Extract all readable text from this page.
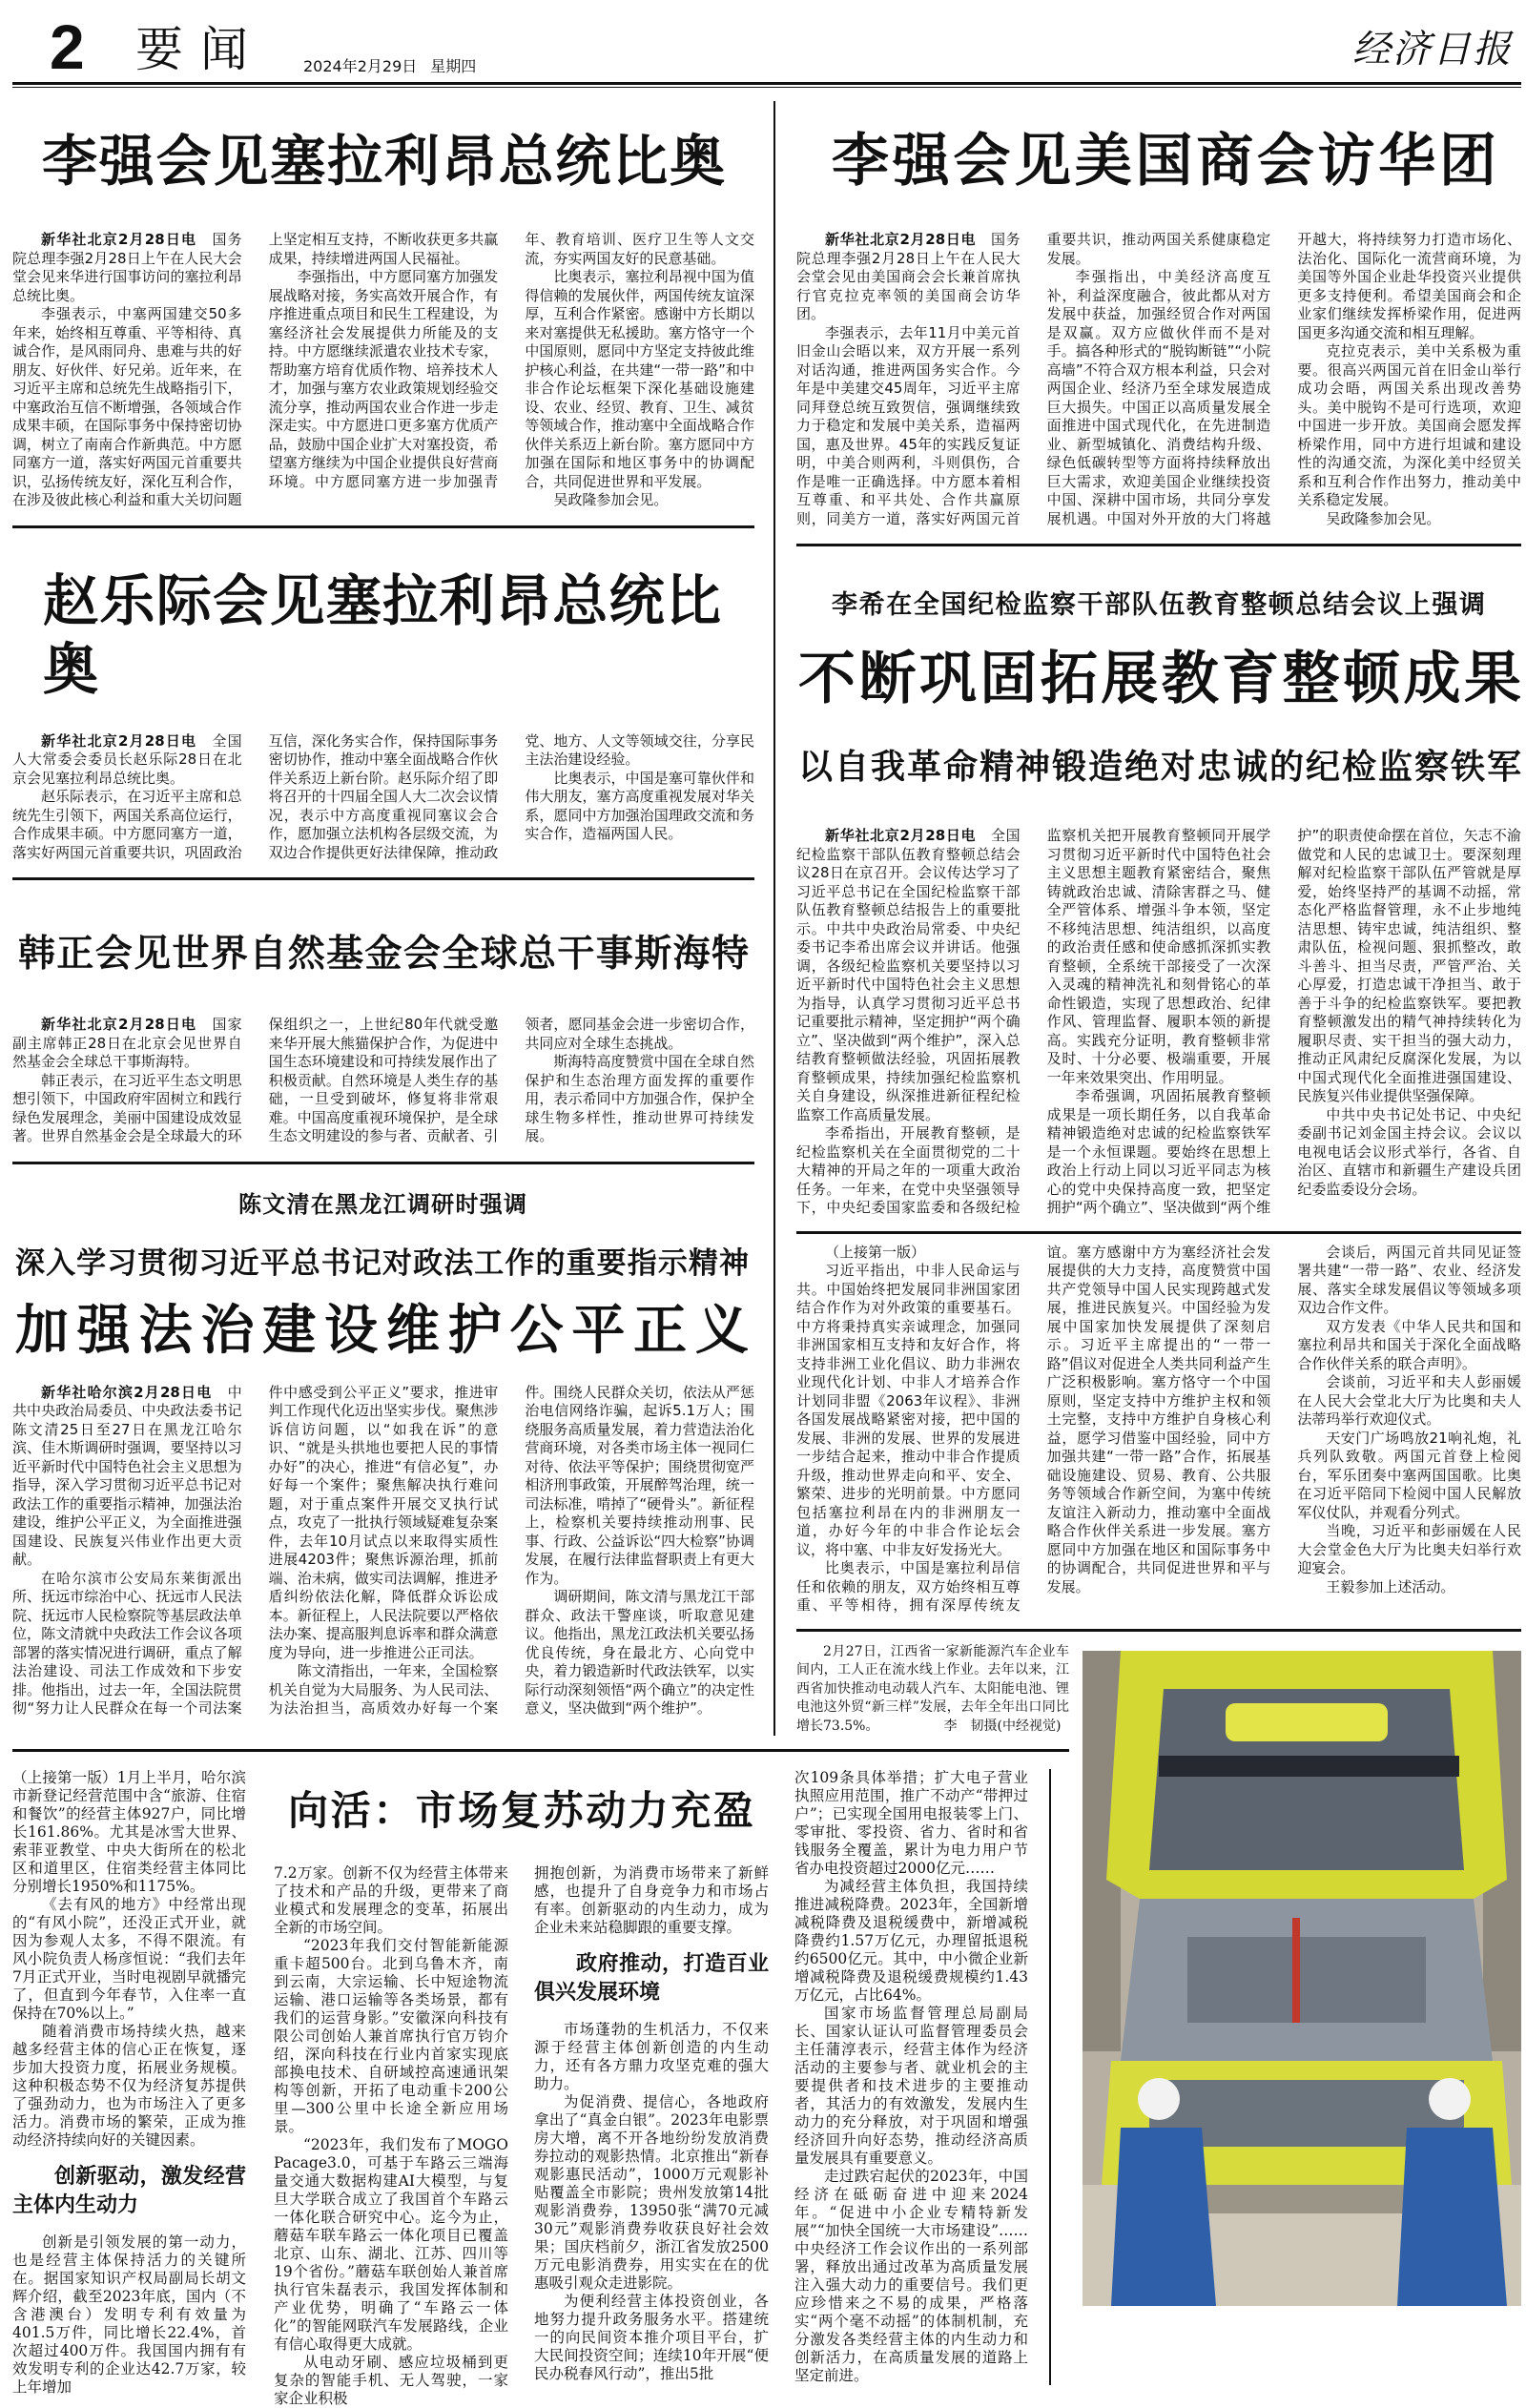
2 要闻	2024年2月29日 星期四	经济日报
李强会见塞拉利昂总统比奥

新华社北京2月28日电　 国务院总理李强2月28日上午在人民大会堂会见来华进行国事访问的塞拉利昂总统比奥。

李强表示，中塞两国建交50多年来，始终相互尊重、平等相待、真诚合作，是风雨同舟、患难与共的好朋友、好伙伴、好兄弟。近年来，在习近平主席和总统先生战略指引下，中塞政治互信不断增强，各领域合作成果丰硕，在国际事务中保持密切协调，树立了南南合作新典范。中方愿同塞方一道，落实好两国元首重要共识，弘扬传统友好，深化互利合作，在涉及彼此核心利益和重大关切问题上坚定相互支持，不断收获更多共赢成果，持续增进两国人民福祉。

李强指出，中方愿同塞方加强发展战略对接，务实高效开展合作，有序推进重点项目和民生工程建设，为塞经济社会发展提供力所能及的支持。中方愿继续派遣农业技术专家，帮助塞方培育优质作物、培养技术人才，加强与塞方农业政策规划经验交流分享，推动两国农业合作进一步走深走实。中方愿进口更多塞方优质产品，鼓励中国企业扩大对塞投资，希望塞方继续为中国企业提供良好营商环境。中方愿同塞方进一步加强青年、教育培训、医疗卫生等人文交流，夯实两国友好的民意基础。

比奥表示，塞拉利昂视中国为值得信赖的发展伙伴，两国传统友谊深厚，互利合作紧密。感谢中方长期以来对塞提供无私援助。塞方恪守一个中国原则，愿同中方坚定支持彼此维护核心利益，在共建“一带一路”和中非合作论坛框架下深化基础设施建设、农业、经贸、教育、卫生、减贫等领域合作，推动塞中全面战略合作伙伴关系迈上新台阶。塞方愿同中方加强在国际和地区事务中的协调配合，共同促进世界和平发展。

吴政隆参加会见。

赵乐际会见塞拉利昂总统比奥

新华社北京2月28日电　 全国人大常委会委员长赵乐际28日在北京会见塞拉利昂总统比奥。

赵乐际表示，在习近平主席和总统先生引领下，两国关系高位运行，合作成果丰硕。中方愿同塞方一道，落实好两国元首重要共识，巩固政治互信，深化务实合作，保持国际事务密切协作，推动中塞全面战略合作伙伴关系迈上新台阶。赵乐际介绍了即将召开的十四届全国人大二次会议情况，表示中方高度重视同塞议会合作，愿加强立法机构各层级交流，为双边合作提供更好法律保障，推动政党、地方、人文等领域交往，分享民主法治建设经验。

比奥表示，中国是塞可靠伙伴和伟大朋友，塞方高度重视发展对华关系，愿同中方加强治国理政交流和务实合作，造福两国人民。

韩正会见世界自然基金会全球总干事斯海特

新华社北京2月28日电　 国家副主席韩正28日在北京会见世界自然基金会全球总干事斯海特。

韩正表示，在习近平生态文明思想引领下，中国政府牢固树立和践行绿色发展理念，美丽中国建设成效显著。世界自然基金会是全球最大的环保组织之一，上世纪80年代就受邀来华开展大熊猫保护合作，为促进中国生态环境建设和可持续发展作出了积极贡献。自然环境是人类生存的基础，一旦受到破坏，修复将非常艰难。中国高度重视环境保护，是全球生态文明建设的参与者、贡献者、引领者，愿同基金会进一步密切合作，共同应对全球生态挑战。

斯海特高度赞赏中国在全球自然保护和生态治理方面发挥的重要作用，表示希同中方加强合作，保护全球生物多样性，推动世界可持续发展。

陈文清在黑龙江调研时强调
深入学习贯彻习近平总书记对政法工作的重要指示精神
加强法治建设维护公平正义

新华社哈尔滨2月28日电　 中共中央政治局委员、中央政法委书记陈文清25日至27日在黑龙江哈尔滨、佳木斯调研时强调，要坚持以习近平新时代中国特色社会主义思想为指导，深入学习贯彻习近平总书记对政法工作的重要指示精神，加强法治建设，维护公平正义，为全面推进强国建设、民族复兴伟业作出更大贡献。

在哈尔滨市公安局东莱街派出所、抚远市综治中心、抚远市人民法院、抚远市人民检察院等基层政法单位，陈文清就中央政法工作会议各项部署的落实情况进行调研，重点了解法治建设、司法工作成效和下步安排。他指出，过去一年，全国法院贯彻“努力让人民群众在每一个司法案件中感受到公平正义”要求，推进审判工作现代化迈出坚实步伐。聚焦涉诉信访问题，以“如我在诉”的意识、“就是头拱地也要把人民的事情办好”的决心，推进“有信必复”，办好每一个案件；聚焦解决执行难问题，对于重点案件开展交叉执行试点，攻克了一批执行领域疑难复杂案件，去年10月试点以来取得实质性进展4203件；聚焦诉源治理，抓前端、治未病，做实司法调解，推进矛盾纠纷依法化解，降低群众诉讼成本。新征程上，人民法院要以严格依法办案、提高服判息诉率和群众满意度为导向，进一步推进公正司法。

陈文清指出，一年来，全国检察机关自觉为大局服务、为人民司法、为法治担当，高质效办好每一个案件。围绕人民群众关切，依法从严惩治电信网络诈骗，起诉5.1万人；围绕服务高质量发展，着力营造法治化营商环境，对各类市场主体一视同仁对待、依法平等保护；围绕贯彻宽严相济刑事政策，开展醉驾治理，统一司法标准，啃掉了“硬骨头”。新征程上，检察机关要持续推动刑事、民事、行政、公益诉讼“四大检察”协调发展，在履行法律监督职责上有更大作为。

调研期间，陈文清与黑龙江干部群众、政法干警座谈，听取意见建议。他指出，黑龙江政法机关要弘扬优良传统，身在最北方、心向党中央，着力锻造新时代政法铁军，以实际行动深刻领悟“两个确立”的决定性意义，坚决做到“两个维护”。

李强会见美国商会访华团

新华社北京2月28日电　 国务院总理李强2月28日上午在人民大会堂会见由美国商会会长兼首席执行官克拉克率领的美国商会访华团。

李强表示，去年11月中美元首旧金山会晤以来，双方开展一系列对话沟通，推进两国务实合作。今年是中美建交45周年，习近平主席同拜登总统互致贺信，强调继续致力于稳定和发展中美关系，造福两国，惠及世界。45年的实践反复证明，中美合则两利，斗则俱伤，合作是唯一正确选择。中方愿本着相互尊重、和平共处、合作共赢原则，同美方一道，落实好两国元首重要共识，推动两国关系健康稳定发展。

李强指出，中美经济高度互补，利益深度融合，彼此都从对方发展中获益，加强经贸合作对两国是双赢。双方应做伙伴而不是对手。搞各种形式的“脱钩断链”“小院高墙”不符合双方根本利益，只会对两国企业、经济乃至全球发展造成巨大损失。中国正以高质量发展全面推进中国式现代化，在先进制造业、新型城镇化、消费结构升级、绿色低碳转型等方面将持续释放出巨大需求，欢迎美国企业继续投资中国、深耕中国市场，共同分享发展机遇。中国对外开放的大门将越开越大，将持续努力打造市场化、法治化、国际化一流营商环境，为美国等外国企业赴华投资兴业提供更多支持便利。希望美国商会和企业家们继续发挥桥梁作用，促进两国更多沟通交流和相互理解。

克拉克表示，美中关系极为重要。很高兴两国元首在旧金山举行成功会晤，两国关系出现改善势头。美中脱钩不是可行选项，欢迎中国进一步开放。美国商会愿发挥桥梁作用，同中方进行坦诚和建设性的沟通交流，为深化美中经贸关系和互利合作作出努力，推动美中关系稳定发展。

吴政隆参加会见。

李希在全国纪检监察干部队伍教育整顿总结会议上强调
不断巩固拓展教育整顿成果
以自我革命精神锻造绝对忠诚的纪检监察铁军

新华社北京2月28日电　 全国纪检监察干部队伍教育整顿总结会议28日在京召开。会议传达学习了习近平总书记在全国纪检监察干部队伍教育整顿总结报告上的重要批示。中共中央政治局常委、中央纪委书记李希出席会议并讲话。他强调，各级纪检监察机关要坚持以习近平新时代中国特色社会主义思想为指导，认真学习贯彻习近平总书记重要批示精神，坚定拥护“两个确立”、坚决做到“两个维护”，深入总结教育整顿做法经验，巩固拓展教育整顿成果，持续加强纪检监察机关自身建设，纵深推进新征程纪检监察工作高质量发展。

李希指出，开展教育整顿，是纪检监察机关在全面贯彻党的二十大精神的开局之年的一项重大政治任务。一年来，在党中央坚强领导下，中央纪委国家监委和各级纪检监察机关把开展教育整顿同开展学习贯彻习近平新时代中国特色社会主义思想主题教育紧密结合，聚焦铸就政治忠诚、清除害群之马、健全严管体系、增强斗争本领，坚定不移纯洁思想、纯洁组织，以高度的政治责任感和使命感抓深抓实教育整顿，全系统干部接受了一次深入灵魂的精神洗礼和刻骨铭心的革命性锻造，实现了思想政治、纪律作风、管理监督、履职本领的新提高。实践充分证明，教育整顿非常及时、十分必要、极端重要，开展一年来效果突出、作用明显。

李希强调，巩固拓展教育整顿成果是一项长期任务，以自我革命精神锻造绝对忠诚的纪检监察铁军是一个永恒课题。要始终在思想上政治上行动上同以习近平同志为核心的党中央保持高度一致，把坚定拥护“两个确立”、坚决做到“两个维护”的职责使命摆在首位，矢志不渝做党和人民的忠诚卫士。要深刻理解对纪检监察干部队伍严管就是厚爱，始终坚持严的基调不动摇，常态化严格监督管理，永不止步地纯洁思想、铸牢忠诚，纯洁组织、整肃队伍，检视问题、狠抓整改，敢斗善斗、担当尽责，严管严治、关心厚爱，打造忠诚干净担当、敢于善于斗争的纪检监察铁军。要把教育整顿激发出的精气神持续转化为履职尽责、实干担当的强大动力，推动正风肃纪反腐深化发展，为以中国式现代化全面推进强国建设、民族复兴伟业提供坚强保障。

中共中央书记处书记、中央纪委副书记刘金国主持会议。会议以电视电话会议形式举行，各省、自治区、直辖市和新疆生产建设兵团纪委监委设分会场。

（上接第一版）

习近平指出，中非人民命运与共。中国始终把发展同非洲国家团结合作作为对外政策的重要基石。中方将秉持真实亲诚理念，加强同非洲国家相互支持和友好合作，将支持非洲工业化倡议、助力非洲农业现代化计划、中非人才培养合作计划同非盟《2063年议程》、非洲各国发展战略紧密对接，把中国的发展、非洲的发展、世界的发展进一步结合起来，推动中非合作提质升级，推动世界走向和平、安全、繁荣、进步的光明前景。中方愿同包括塞拉利昂在内的非洲朋友一道，办好今年的中非合作论坛会议，将中塞、中非友好发扬光大。

比奥表示，中国是塞拉利昂信任和依赖的朋友，双方始终相互尊重、平等相待，拥有深厚传统友谊。塞方感谢中方为塞经济社会发展提供的大力支持，高度赞赏中国共产党领导中国人民实现跨越式发展，推进民族复兴。中国经验为发展中国家加快发展提供了深刻启示。习近平主席提出的“一带一路”倡议对促进全人类共同利益产生广泛积极影响。塞方恪守一个中国原则，坚定支持中方维护主权和领土完整，支持中方维护自身核心利益，愿学习借鉴中国经验，同中方加强共建“一带一路”合作，拓展基础设施建设、贸易、教育、公共服务等领域合作新空间，为塞中传统友谊注入新动力，推动塞中全面战略合作伙伴关系进一步发展。塞方愿同中方加强在地区和国际事务中的协调配合，共同促进世界和平与发展。

会谈后，两国元首共同见证签署共建“一带一路”、农业、经济发展、落实全球发展倡议等领域多项双边合作文件。

双方发表《中华人民共和国和塞拉利昂共和国关于深化全面战略合作伙伴关系的联合声明》。

会谈前，习近平和夫人彭丽媛在人民大会堂北大厅为比奥和夫人法蒂玛举行欢迎仪式。

天安门广场鸣放21响礼炮，礼兵列队致敬。两国元首登上检阅台，军乐团奏中塞两国国歌。比奥在习近平陪同下检阅中国人民解放军仪仗队，并观看分列式。

当晚，习近平和彭丽媛在人民大会堂金色大厅为比奥夫妇举行欢迎宴会。

王毅参加上述活动。

2月27日，江西省一家新能源汽车企业车间内，工人正在流水线上作业。去年以来，江西省加快推动电动载人汽车、太阳能电池、锂电池这外贸“新三样”发展，去年全年出口同比增长73.5%。	李　韧摄(中经视觉)

（上接第一版）1月上半月，哈尔滨市新登记经营范围中含“旅游、住宿和餐饮”的经营主体927户，同比增长161.86%。尤其是冰雪大世界、索菲亚教堂、中央大街所在的松北区和道里区，住宿类经营主体同比分别增长1950%和1175%。

《去有风的地方》中经常出现的“有风小院”，还没正式开业，就因为参观人太多，不得不限流。有风小院负责人杨彦恒说：“我们去年7月正式开业，当时电视剧早就播完了，但直到今年春节，入住率一直保持在70%以上。”

随着消费市场持续火热，越来越多经营主体的信心正在恢复，逐步加大投资力度，拓展业务规模。这种积极态势不仅为经济复苏提供了强劲动力，也为市场注入了更多活力。消费市场的繁荣，正成为推动经济持续向好的关键因素。

创新驱动，激发经营主体内生动力

创新是引领发展的第一动力，也是经营主体保持活力的关键所在。据国家知识产权局副局长胡文辉介绍，截至2023年底，国内（不含港澳台）发明专利有效量为401.5万件，同比增长22.4%，首次超过400万件。我国国内拥有有效发明专利的企业达42.7万家，较上年增加

向活：市场复苏动力充盈

7.2万家。创新不仅为经营主体带来了技术和产品的升级，更带来了商业模式和发展理念的变革，拓展出全新的市场空间。

“2023年我们交付智能新能源重卡超500台。北到乌鲁木齐，南到云南，大宗运输、长中短途物流运输、港口运输等各类场景，都有我们的运营身影。”安徽深向科技有限公司创始人兼首席执行官万钧介绍，深向科技在行业内首家实现底部换电技术、自研域控高速通讯架构等创新，开拓了电动重卡200公里—300公里中长途全新应用场景。

“2023年，我们发布了MOGO Pacage3.0，可基于车路云三端海量交通大数据构建AI大模型，与复旦大学联合成立了我国首个车路云一体化联合研究中心。迄今为止，蘑菇车联车路云一体化项目已覆盖北京、山东、湖北、江苏、四川等19个省份。”蘑菇车联创始人兼首席执行官朱磊表示，我国发挥体制和产业优势，明确了“车路云一体化”的智能网联汽车发展路线，企业有信心取得更大成就。

从电动牙刷、感应垃圾桶到更复杂的智能手机、无人驾驶，一家家企业积极

拥抱创新，为消费市场带来了新鲜感，也提升了自身竞争力和市场占有率。创新驱动的内生动力，成为企业未来站稳脚跟的重要支撑。

政府推动，打造百业俱兴发展环境

市场蓬勃的生机活力，不仅来源于经营主体创新创造的内生动力，还有各方鼎力攻坚克难的强大助力。

为促消费、提信心，各地政府拿出了“真金白银”。2023年电影票房大增，离不开各地纷纷发放消费券拉动的观影热情。北京推出“新春观影惠民活动”，1000万元观影补贴覆盖全市影院；贵州发放第14批观影消费券，13950张“满70元减30元”观影消费券收获良好社会效果；国庆档前夕，浙江省发放2500万元电影消费券，用实实在在的优惠吸引观众走进影院。

为便利经营主体投资创业，各地努力提升政务服务水平。搭建统一的向民间资本推介项目平台，扩大民间投资空间；连续10年开展“便民办税春风行动”，推出5批

次109条具体举措；扩大电子营业执照应用范围，推广不动产“带押过户”；已实现全国用电报装零上门、零审批、零投资、省力、省时和省钱服务全覆盖，累计为电力用户节省办电投资超过2000亿元……

为减经营主体负担，我国持续推进减税降费。2023年，全国新增减税降费及退税缓费中，新增减税降费约1.57万亿元，办理留抵退税约6500亿元。其中，中小微企业新增减税降费及退税缓费规模约1.43万亿元，占比64%。

国家市场监督管理总局副局长、国家认证认可监督管理委员会主任蒲淳表示，经营主体作为经济活动的主要参与者、就业机会的主要提供者和技术进步的主要推动者，其活力的有效激发，发展内生动力的充分释放，对于巩固和增强经济回升向好态势，推动经济高质量发展具有重要意义。

走过跌宕起伏的2023年，中国经济在砥砺奋进中迎来2024年。“促进中小企业专精特新发展”“加快全国统一大市场建设”……中央经济工作会议作出的一系列部署，释放出通过改革为高质量发展注入强大动力的重要信号。我们更应珍惜来之不易的成果，严格落实“两个毫不动摇”的体制机制，充分激发各类经营主体的内生动力和创新活力，在高质量发展的道路上坚定前进。
